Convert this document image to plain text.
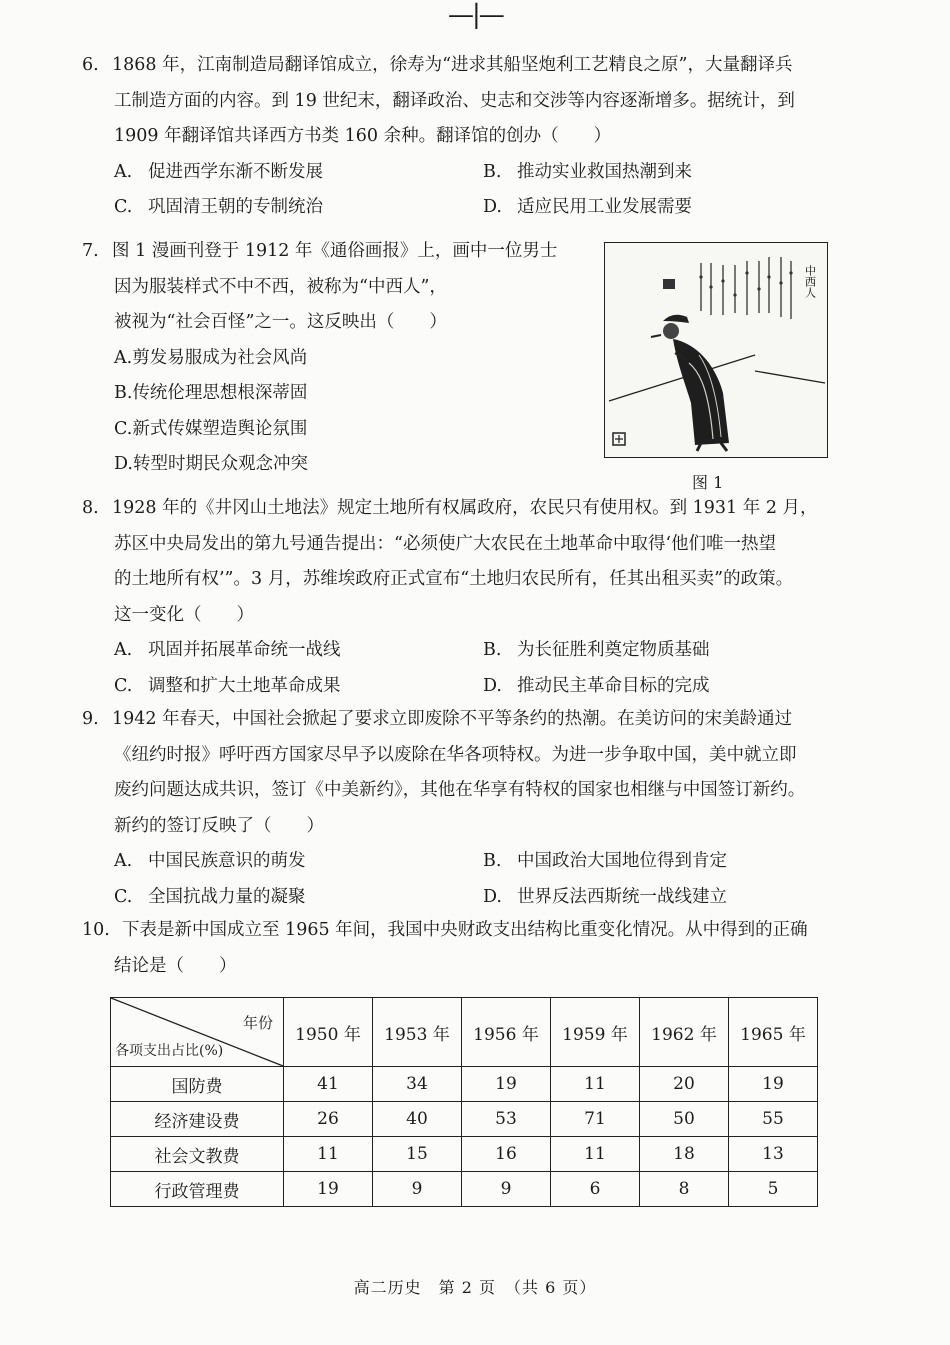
—|—

6. 1868 年，江南制造局翻译馆成立，徐寿为“进求其船坚炮利工艺精良之原”，大量翻译兵

工制造方面的内容。到 19 世纪末，翻译政治、史志和交涉等内容逐渐增多。据统计，到

1909 年翻译馆共译西方书类 160 余种。翻译馆的创办（　　）

A. 促进西学东渐不断发展	B. 推动实业救国热潮到来
C. 巩固清王朝的专制统治	D. 适应民用工业发展需要

7. 图 1 漫画刊登于 1912 年《通俗画报》上，画中一位男士

因为服装样式不中不西，被称为“中西人”，

被视为“社会百怪”之一。这反映出（　　）

A. 剪发易服成为社会风尚
B. 传统伦理思想根深蒂固
C. 新式传媒塑造舆论氛围
D. 转型时期民众观念冲突
中西人
图 1

8. 1928 年的《井冈山土地法》规定土地所有权属政府，农民只有使用权。到 1931 年 2 月，

苏区中央局发出的第九号通告提出：“必须使广大农民在土地革命中取得‘他们唯一热望

的土地所有权’”。3 月，苏维埃政府正式宣布“土地归农民所有，任其出租买卖”的政策。

这一变化（　　）

A. 巩固并拓展革命统一战线	B. 为长征胜利奠定物质基础
C. 调整和扩大土地革命成果	D. 推动民主革命目标的完成

9. 1942 年春天，中国社会掀起了要求立即废除不平等条约的热潮。在美访问的宋美龄通过

《纽约时报》呼吁西方国家尽早予以废除在华各项特权。为进一步争取中国，美中就立即

废约问题达成共识，签订《中美新约》，其他在华享有特权的国家也相继与中国签订新约。

新约的签订反映了（　　）

A. 中国民族意识的萌发	B. 中国政治大国地位得到肯定
C. 全国抗战力量的凝聚	D. 世界反法西斯统一战线建立

10. 下表是新中国成立至 1965 年间，我国中央财政支出结构比重变化情况。从中得到的正确

结论是（　　）

年份
各项支出占比(%)	1950 年	1953 年	1956 年	1959 年	1962 年	1965 年
国防费	41	34	19	11	20	19
经济建设费	26	40	53	71	50	55
社会文教费	11	15	16	11	18	13
行政管理费	19	9	9	6	8	5
高二历史　第 2 页　（共 6 页）
